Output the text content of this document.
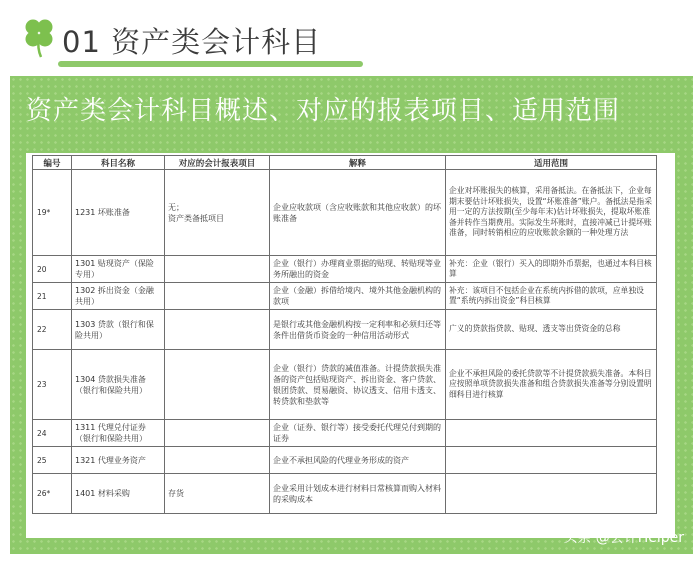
01 资产类会计科目
资产类会计科目概述、对应的报表项目、适用范围
编号	科目名称	对应的会计报表项目	解释	适用范围
19*	1231 坏账准备	无；
资产类备抵项目	企业应收款项（含应收账款和其他应收款）的坏账准备	企业对坏账损失的核算，采用备抵法。在备抵法下，企业每期末要估计坏账损失，设置“坏账准备”账户。备抵法是指采用一定的方法按期(至少每年末)估计坏账损失，提取坏账准备并转作当期费用。实际发生坏账时，直接冲减已计提坏账准备，同时转销相应的应收账款余额的一种处理方法
20	1301 贴现资产（保险专用）		企业（银行）办理商业票据的贴现、转贴现等业务所融出的资金	补充：企业（银行）买入的即期外币票据，也通过本科目核算
21	1302 拆出资金（金融共用）		企业（金融）拆借给境内、境外其他金融机构的款项	补充：该项目不包括企业在系统内拆借的款项，应单独设置“系统内拆出资金”科目核算
22	1303 贷款（银行和保险共用）		是银行或其他金融机构按一定利率和必须归还等条件出借货币资金的一种信用活动形式	广义的贷款指贷款、贴现、透支等出贷资金的总称
23	1304 贷款损失准备（银行和保险共用）		企业（银行）贷款的减值准备。计提贷款损失准备的资产包括贴现资产、拆出资金、客户贷款、银团贷款、贸易融资、协议透支、信用卡透支、转贷款和垫款等	企业不承担风险的委托贷款等不计提贷款损失准备。本科目应按照单项贷款损失准备和组合贷款损失准备等分别设置明细科目进行核算
24	1311 代理兑付证券（银行和保险共用）		企业（证券、银行等）接受委托代理兑付到期的证券	
25	1321 代理业务资产		企业不承担风险的代理业务形成的资产	
26*	1401 材料采购	存货	企业采用计划成本进行材料日常核算而购入材料的采购成本	
头条 @会计Helper
